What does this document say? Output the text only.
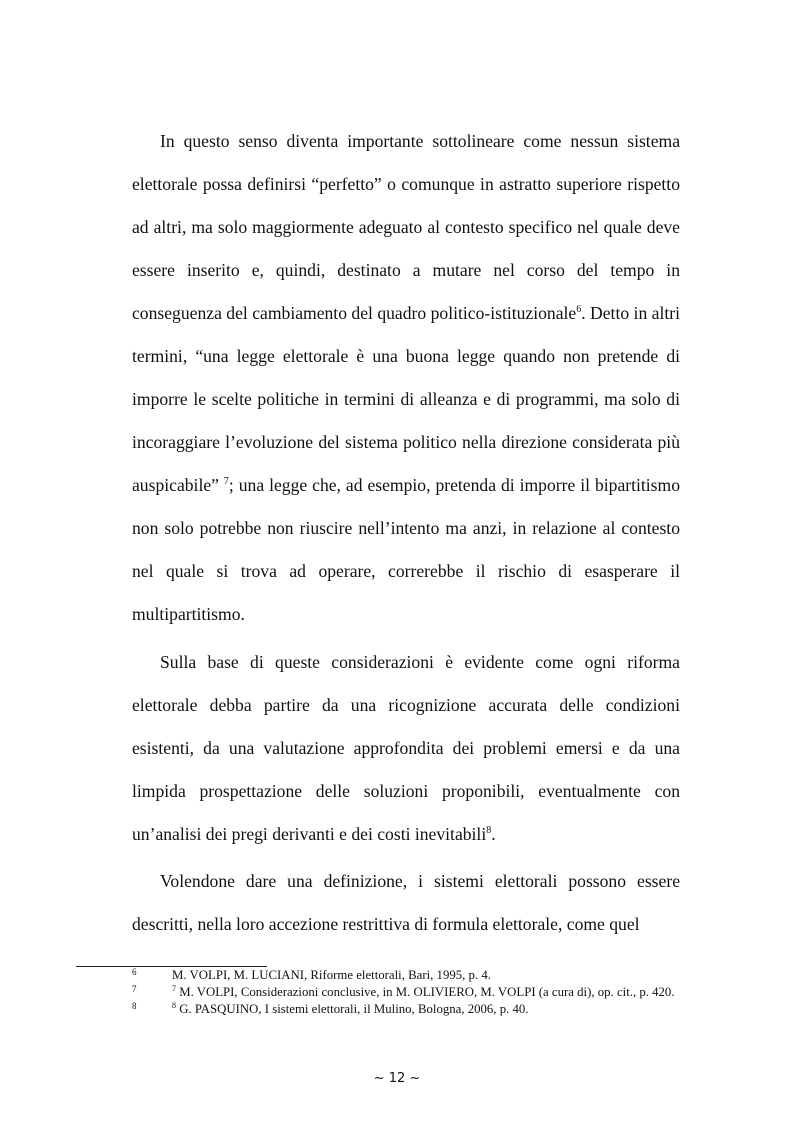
In questo senso diventa importante sottolineare come nessun sistema elettorale possa definirsi “perfetto” o comunque in astratto superiore rispetto ad altri, ma solo maggiormente adeguato al contesto specifico nel quale deve essere inserito e, quindi, destinato a mutare nel corso del tempo in conseguenza del cambiamento del quadro politico-istituzionale$^6$. Detto in altri termini, “una legge elettorale è una buona legge quando non pretende di imporre le scelte politiche in termini di alleanza e di programmi, ma solo di incoraggiare l’evoluzione del sistema politico nella direzione considerata più auspicabile” $^7$; una legge che, ad esempio, pretenda di imporre il bipartitismo non solo potrebbe non riuscire nell’intento ma anzi, in relazione al contesto nel quale si trova ad operare, correrebbe il rischio di esasperare il multipartitismo.

Sulla base di queste considerazioni è evidente come ogni riforma elettorale debba partire da una ricognizione accurata delle condizioni esistenti, da una valutazione approfondita dei problemi emersi e da una limpida prospettazione delle soluzioni proponibili, eventualmente con un’analisi dei pregi derivanti e dei costi inevitabili$^8$.

Volendone dare una definizione, i sistemi elettorali possono essere descritti, nella loro accezione restrittiva di formula elettorale, come quel

6	M. VOLPI, M. LUCIANI, Riforme elettorali, Bari, 1995, p. 4.

7	$^7$ M. VOLPI, Considerazioni conclusive, in M. OLIVIERO, M. VOLPI (a cura di), op. cit., p. 420.

8	$^8$ G. PASQUINO, I sistemi elettorali, il Mulino, Bologna, 2006, p. 40.

~ 12 ~
